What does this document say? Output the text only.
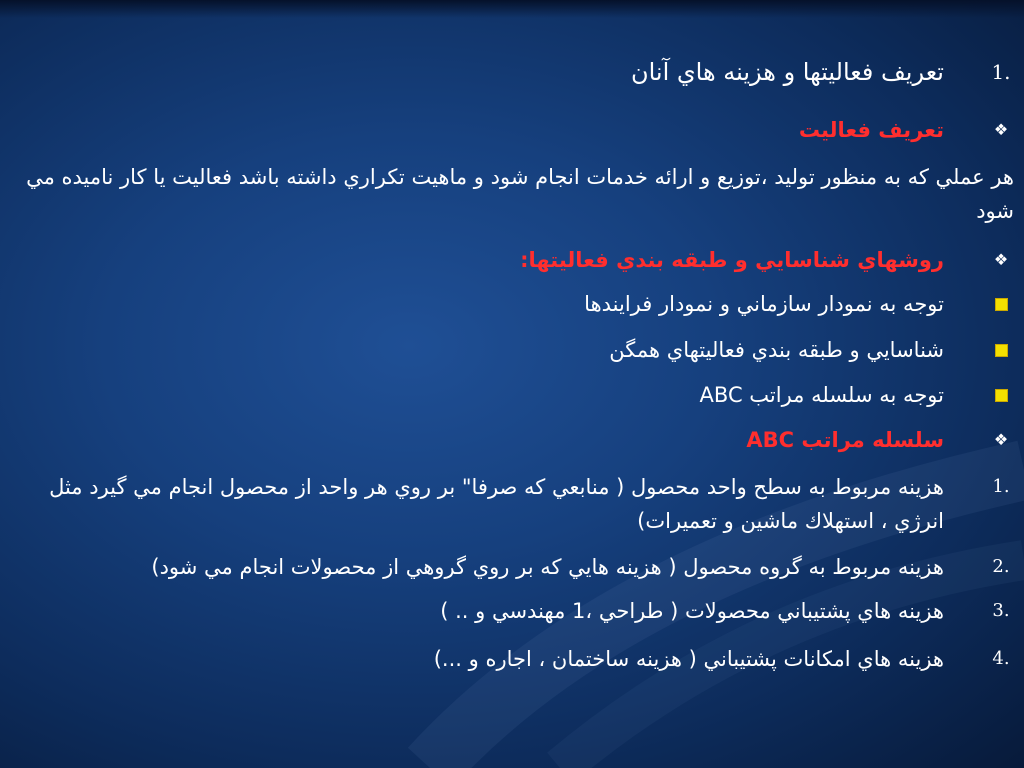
1.
تعريف فعاليتها و هزينه هاي آنان
❖
تعريف فعاليت
هر عملي كه به منظور توليد ،توزيع و ارائه خدمات انجام شود و ماهيت تكراري داشته باشد فعاليت يا كار ناميده مي شود
❖
روشهاي شناسايي و طبقه بندي فعاليتها:
توجه به نمودار سازماني و نمودار فرايندها
شناسايي و طبقه بندي فعاليتهاي همگن
توجه به سلسله مراتب ABC
❖
سلسله مراتب ABC
1.
هزينه مربوط به سطح واحد محصول ( منابعي كه صرفا" بر روي هر واحد از محصول انجام مي گيرد مثل انرژي ، استهلاك ماشين و تعميرات)
2.
هزينه مربوط به گروه محصول ( هزينه هايي كه بر روي گروهي از محصولات انجام مي شود)
3.
هزينه هاي پشتيباني محصولات ( طراحي ،1 مهندسي و .. )
4.
هزينه هاي امكانات پشتيباني ( هزينه ساختمان ، اجاره و ...)
